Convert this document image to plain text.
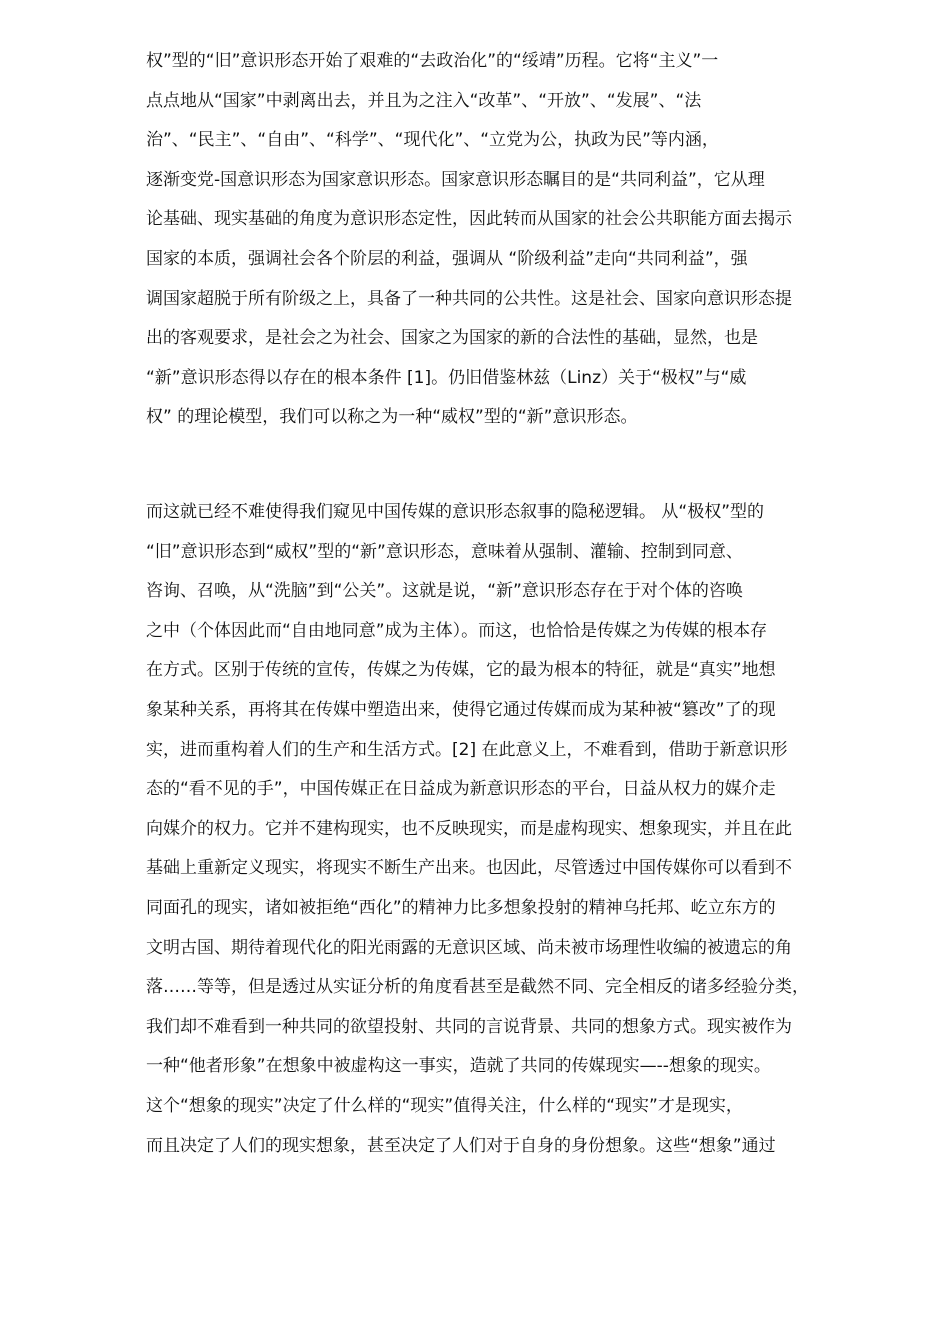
权”型的“旧”意识形态开始了艰难的“去政治化”的“绥靖”历程。它将“主义”一
点点地从“国家”中剥离出去，并且为之注入“改革”、“开放”、“发展”、“法
治”、“民主”、“自由”、“科学”、“现代化”、“立党为公，执政为民”等内涵，
逐渐变党-国意识形态为国家意识形态。国家意识形态瞩目的是“共同利益”，它从理
论基础、现实基础的角度为意识形态定性，因此转而从国家的社会公共职能方面去揭示
国家的本质，强调社会各个阶层的利益，强调从 “阶级利益”走向“共同利益”，强
调国家超脱于所有阶级之上，具备了一种共同的公共性。这是社会、国家向意识形态提
出的客观要求，是社会之为社会、国家之为国家的新的合法性的基础，显然，也是
“新”意识形态得以存在的根本条件 [1]。仍旧借鉴林兹（Linz）关于“极权”与“威
权” 的理论模型，我们可以称之为一种“威权”型的“新”意识形态。
而这就已经不难使得我们窥见中国传媒的意识形态叙事的隐秘逻辑。 从“极权”型的
“旧”意识形态到“威权”型的“新”意识形态，意味着从强制、灌输、控制到同意、
咨询、召唤，从“洗脑”到“公关”。这就是说，“新”意识形态存在于对个体的咨唤
之中（个体因此而“自由地同意”成为主体）。而这，也恰恰是传媒之为传媒的根本存
在方式。区别于传统的宣传，传媒之为传媒，它的最为根本的特征，就是“真实”地想
象某种关系，再将其在传媒中塑造出来，使得它通过传媒而成为某种被“篡改”了的现
实，进而重构着人们的生产和生活方式。[2] 在此意义上，不难看到，借助于新意识形
态的“看不见的手”，中国传媒正在日益成为新意识形态的平台，日益从权力的媒介走
向媒介的权力。它并不建构现实，也不反映现实，而是虚构现实、想象现实，并且在此
基础上重新定义现实，将现实不断生产出来。也因此，尽管透过中国传媒你可以看到不
同面孔的现实，诸如被拒绝“西化”的精神力比多想象投射的精神乌托邦、屹立东方的
文明古国、期待着现代化的阳光雨露的无意识区域、尚未被市场理性收编的被遗忘的角
落……等等，但是透过从实证分析的角度看甚至是截然不同、完全相反的诸多经验分类，
我们却不难看到一种共同的欲望投射、共同的言说背景、共同的想象方式。现实被作为
一种“他者形象”在想象中被虚构这一事实，造就了共同的传媒现实—--想象的现实。
这个“想象的现实”决定了什么样的“现实”值得关注，什么样的“现实”才是现实，
而且决定了人们的现实想象，甚至决定了人们对于自身的身份想象。这些“想象”通过
